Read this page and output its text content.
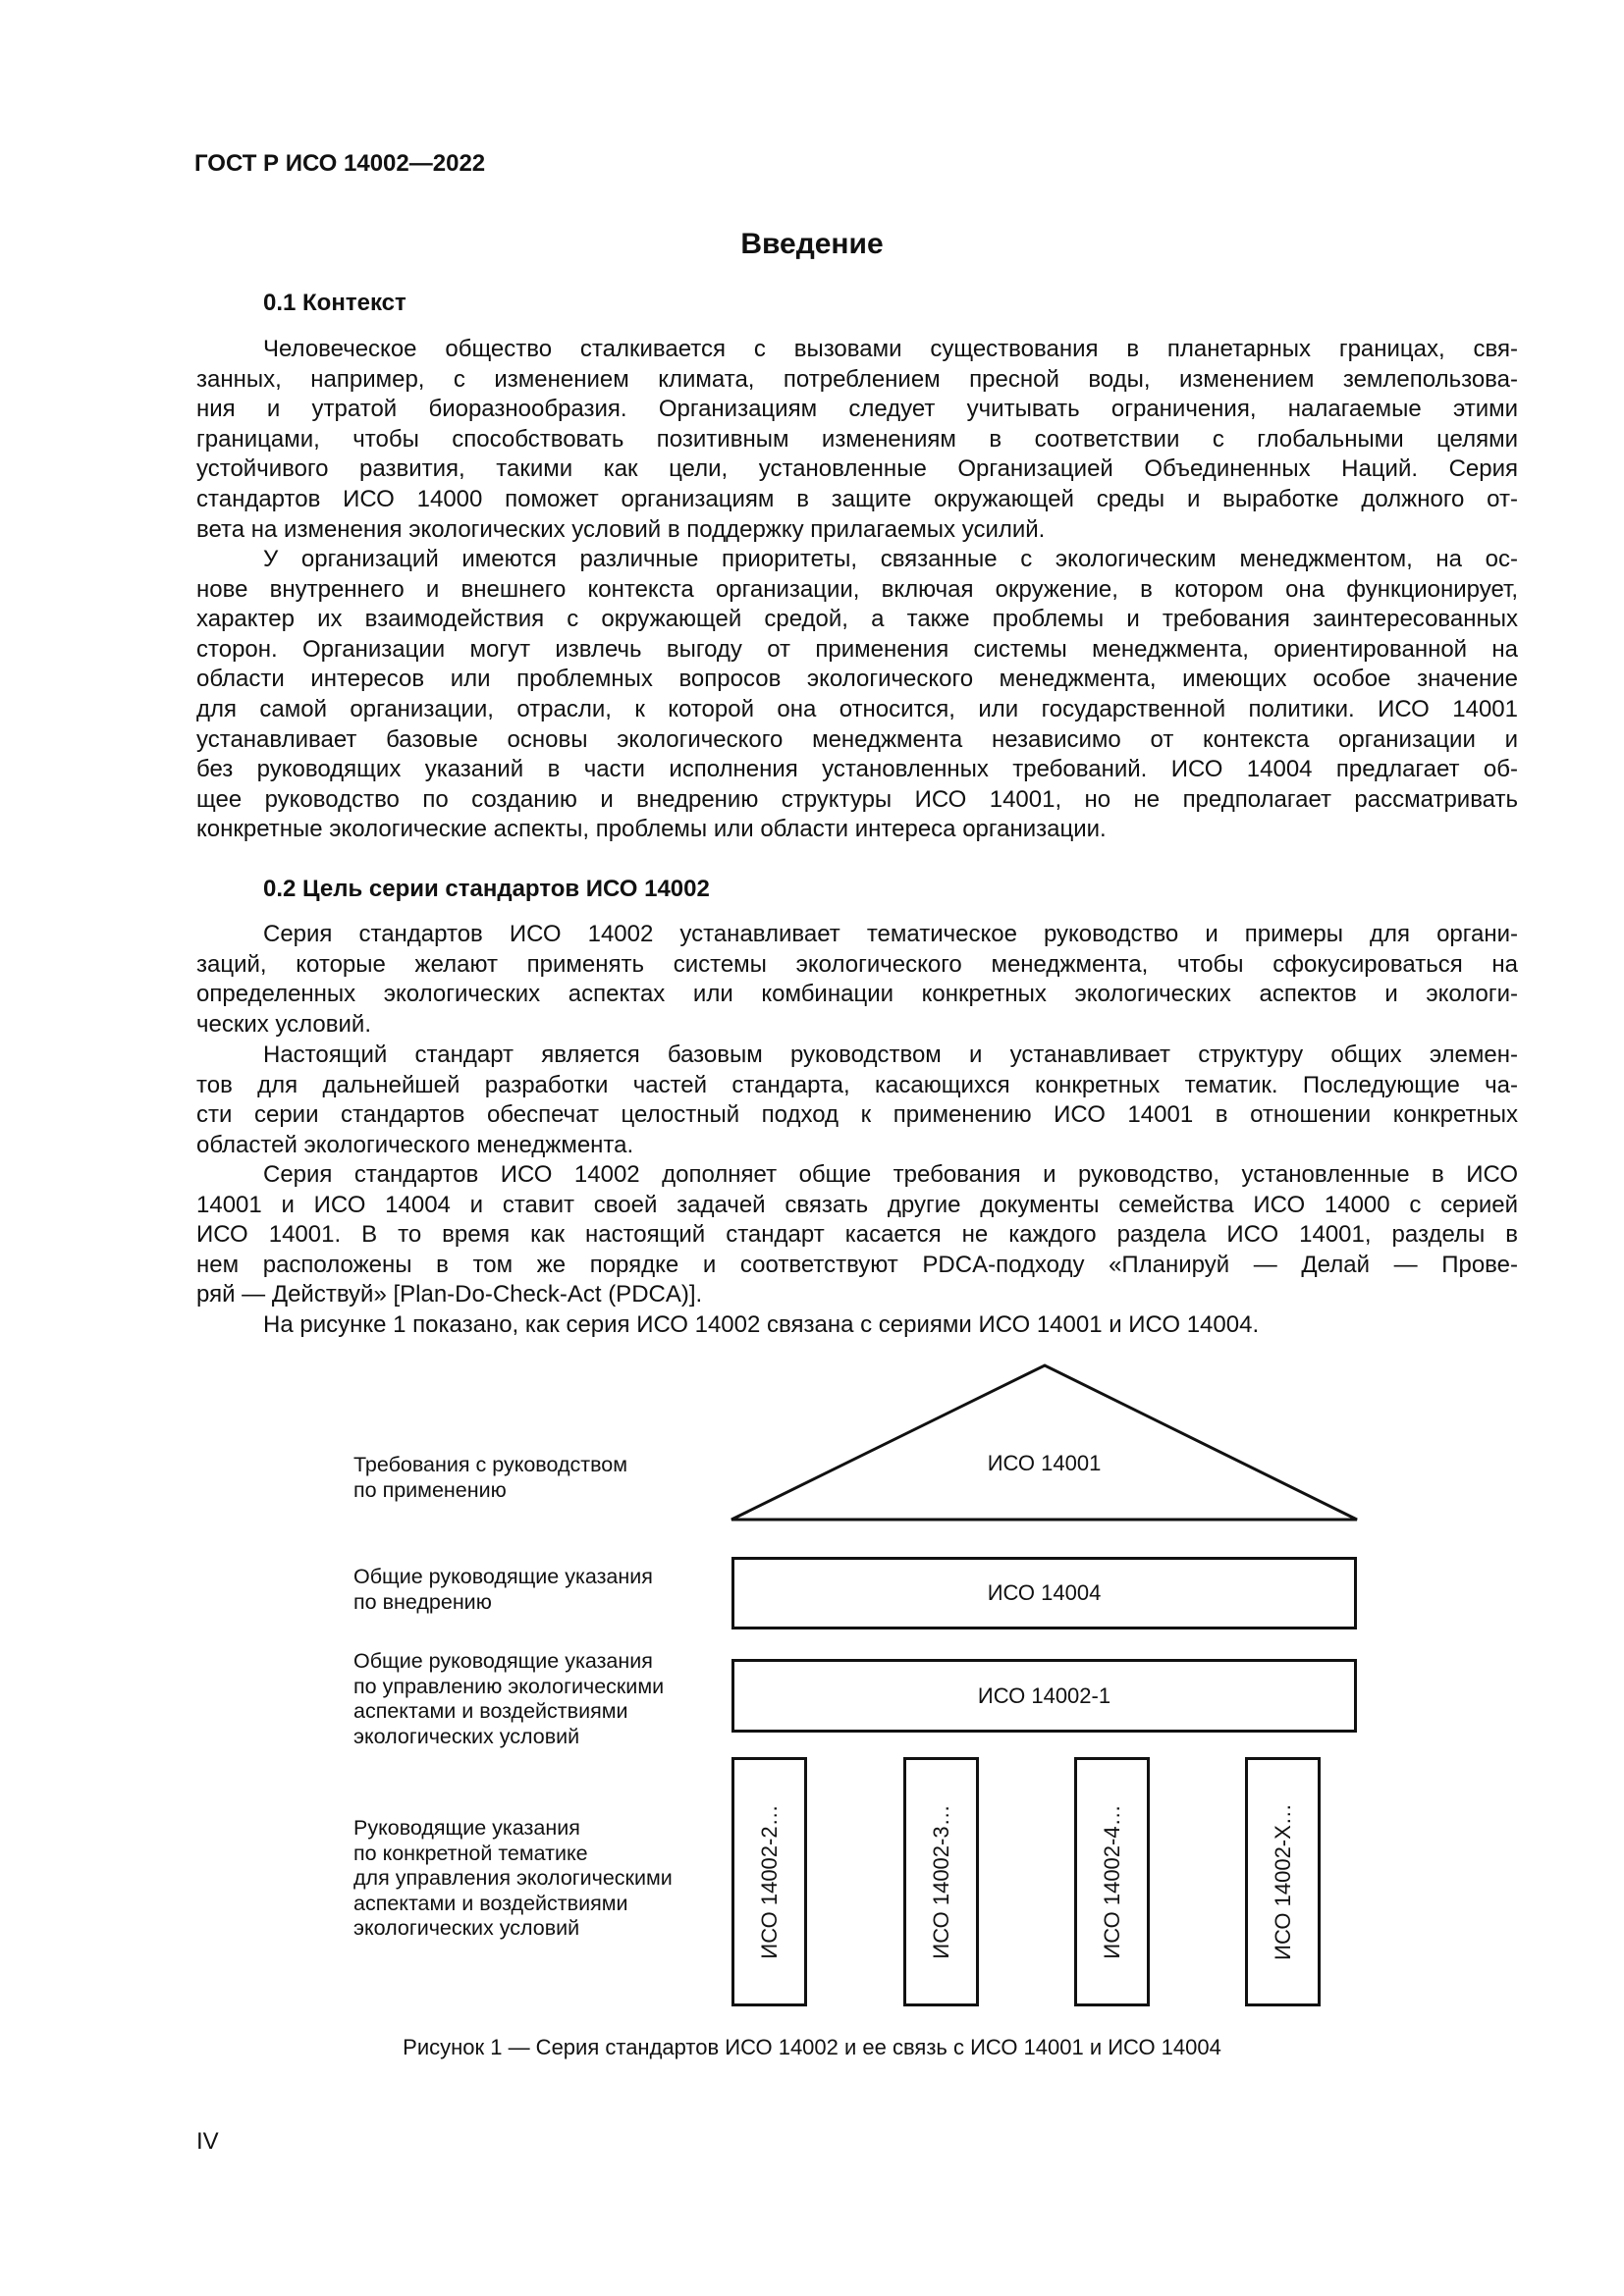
ГОСТ Р ИСО 14002—2022
Введение
0.1 Контекст
Человеческое общество сталкивается с вызовами существования в планетарных границах, свя-
занных, например, с изменением климата, потреблением пресной воды, изменением землепользова-
ния и утратой биоразнообразия. Организациям следует учитывать ограничения, налагаемые этими
границами, чтобы способствовать позитивным изменениям в соответствии с глобальными целями
устойчивого развития, такими как цели, установленные Организацией Объединенных Наций. Серия
стандартов ИСО 14000 поможет организациям в защите окружающей среды и выработке должного от-
вета на изменения экологических условий в поддержку прилагаемых усилий.
У организаций имеются различные приоритеты, связанные с экологическим менеджментом, на ос-
нове внутреннего и внешнего контекста организации, включая окружение, в котором она функционирует,
характер их взаимодействия с окружающей средой, а также проблемы и требования заинтересованных
сторон. Организации могут извлечь выгоду от применения системы менеджмента, ориентированной на
области интересов или проблемных вопросов экологического менеджмента, имеющих особое значение
для самой организации, отрасли, к которой она относится, или государственной политики. ИСО 14001
устанавливает базовые основы экологического менеджмента независимо от контекста организации и
без руководящих указаний в части исполнения установленных требований. ИСО 14004 предлагает об-
щее руководство по созданию и внедрению структуры ИСО 14001, но не предполагает рассматривать
конкретные экологические аспекты, проблемы или области интереса организации.
0.2 Цель серии стандартов ИСО 14002
Серия стандартов ИСО 14002 устанавливает тематическое руководство и примеры для органи-
заций, которые желают применять системы экологического менеджмента, чтобы сфокусироваться на
определенных экологических аспектах или комбинации конкретных экологических аспектов и экологи-
ческих условий.
Настоящий стандарт является базовым руководством и устанавливает структуру общих элемен-
тов для дальнейшей разработки частей стандарта, касающихся конкретных тематик. Последующие ча-
сти серии стандартов обеспечат целостный подход к применению ИСО 14001 в отношении конкретных
областей экологического менеджмента.
Серия стандартов ИСО 14002 дополняет общие требования и руководство, установленные в ИСО
14001 и ИСО 14004 и ставит своей задачей связать другие документы семейства ИСО 14000 с серией
ИСО 14001. В то время как настоящий стандарт касается не каждого раздела ИСО 14001, разделы в
нем расположены в том же порядке и соответствуют PDCA-подходу «Планируй — Делай — Прове-
ряй — Действуй» [Plan-Do-Check-Act (PDCA)].
На рисунке 1 показано, как серия ИСО 14002 связана с сериями ИСО 14001 и ИСО 14004.
Требования с руководством
по применению
Общие руководящие указания
по внедрению
Общие руководящие указания
по управлению экологическими
аспектами и воздействиями
экологических условий
Руководящие указания
по конкретной тематике
для управления экологическими
аспектами и воздействиями
экологических условий
ИСО 14001
ИСО 14004
ИСО 14002-1
ИСО 14002-2…	ИСО 14002-3…	ИСО 14002-4…	ИСО 14002-X…
Рисунок 1 — Серия стандартов ИСО 14002 и ее связь с ИСО 14001 и ИСО 14004
IV
